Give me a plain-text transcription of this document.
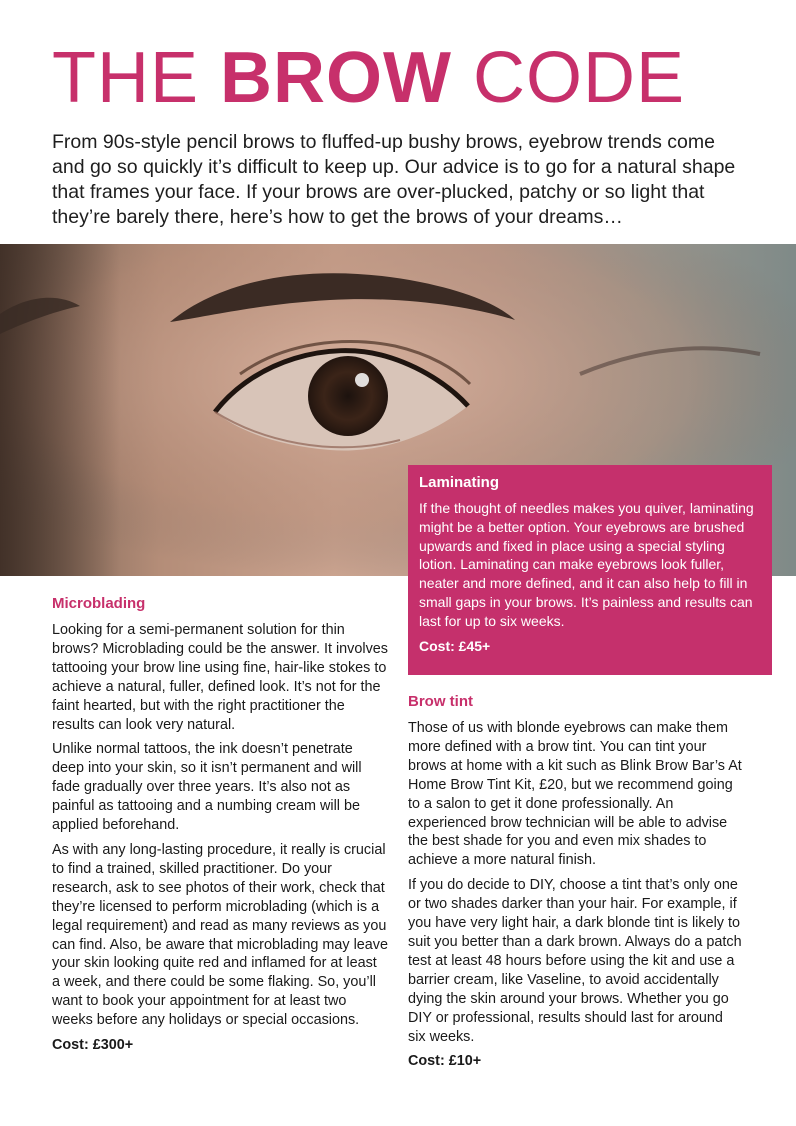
THE BROW CODE
From 90s-style pencil brows to fluffed-up bushy brows, eyebrow trends come and go so quickly it’s difficult to keep up. Our advice is to go for a natural shape that frames your face. If your brows are over-plucked, patchy or so light that they’re barely there, here’s how to get the brows of your dreams…
Laminating

If the thought of needles makes you quiver, laminating might be a better option. Your eyebrows are brushed upwards and fixed in place using a special styling lotion. Laminating can make eyebrows look fuller, neater and more defined, and it can also help to fill in small gaps in your brows. It’s painless and results can last for up to six weeks.

Cost: £45+

Microblading

Looking for a semi-permanent solution for thin brows? Microblading could be the answer. It involves tattooing your brow line using fine, hair-like stokes to achieve a natural, fuller, defined look. It’s not for the faint hearted, but with the right practitioner the results can look very natural.

Unlike normal tattoos, the ink doesn’t penetrate deep into your skin, so it isn’t permanent and will fade gradually over three years. It’s also not as painful as tattooing and a numbing cream will be applied beforehand.

As with any long-lasting procedure, it really is crucial to find a trained, skilled practitioner. Do your research, ask to see photos of their work, check that they’re licensed to perform microblading (which is a legal requirement) and read as many reviews as you can find. Also, be aware that microblading may leave your skin looking quite red and inflamed for at least a week, and there could be some flaking. So, you’ll want to book your appointment for at least two weeks before any holidays or special occasions.

Cost: £300+

Brow tint

Those of us with blonde eyebrows can make them more defined with a brow tint. You can tint your brows at home with a kit such as Blink Brow Bar’s At Home Brow Tint Kit, £20, but we recommend going to a salon to get it done professionally. An experienced brow technician will be able to advise the best shade for you and even mix shades to achieve a more natural finish.

If you do decide to DIY, choose a tint that’s only one or two shades darker than your hair. For example, if you have very light hair, a dark blonde tint is likely to suit you better than a dark brown. Always do a patch test at least 48 hours before using the kit and use a barrier cream, like Vaseline, to avoid accidentally dying the skin around your brows. Whether you go DIY or professional, results should last for around six weeks.

Cost: £10+
